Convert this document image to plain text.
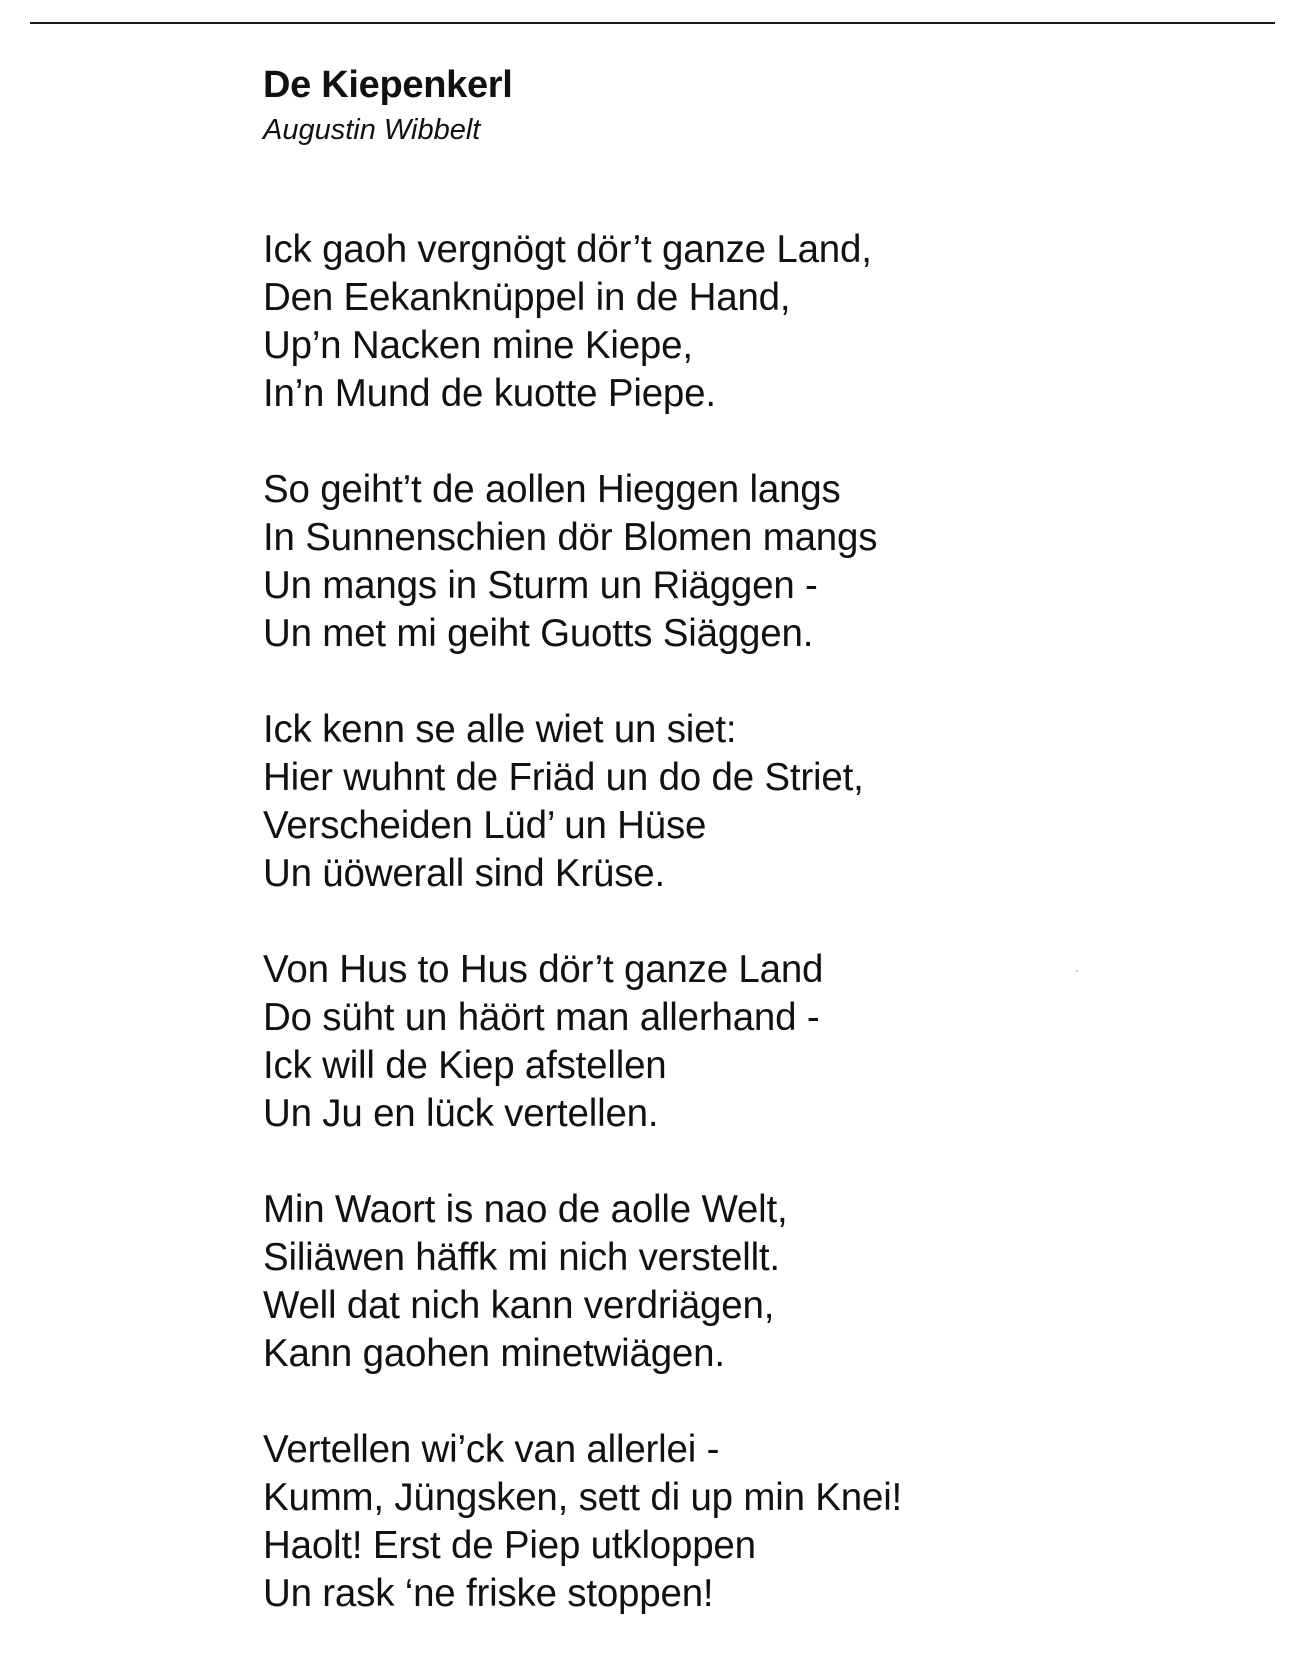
De Kiepenkerl
Augustin Wibbelt
Ick gaoh vergnögt dör’t ganze Land,
Den Eekanknüppel in de Hand,
Up’n Nacken mine Kiepe,
In’n Mund de kuotte Piepe.
So geiht’t de aollen Hieggen langs
In Sunnenschien dör Blomen mangs
Un mangs in Sturm un Riäggen -
Un met mi geiht Guotts Siäggen.
Ick kenn se alle wiet un siet:
Hier wuhnt de Friäd un do de Striet,
Verscheiden Lüd’ un Hüse
Un üöwerall sind Krüse.
Von Hus to Hus dör’t ganze Land
Do süht un häört man allerhand -
Ick will de Kiep afstellen
Un Ju en lück vertellen.
Min Waort is nao de aolle Welt,
Siliäwen häffk mi nich verstellt.
Well dat nich kann verdriägen,
Kann gaohen minetwiägen.
Vertellen wi’ck van allerlei -
Kumm, Jüngsken, sett di up min Knei!
Haolt! Erst de Piep utkloppen
Un rask ‘ne friske stoppen!
